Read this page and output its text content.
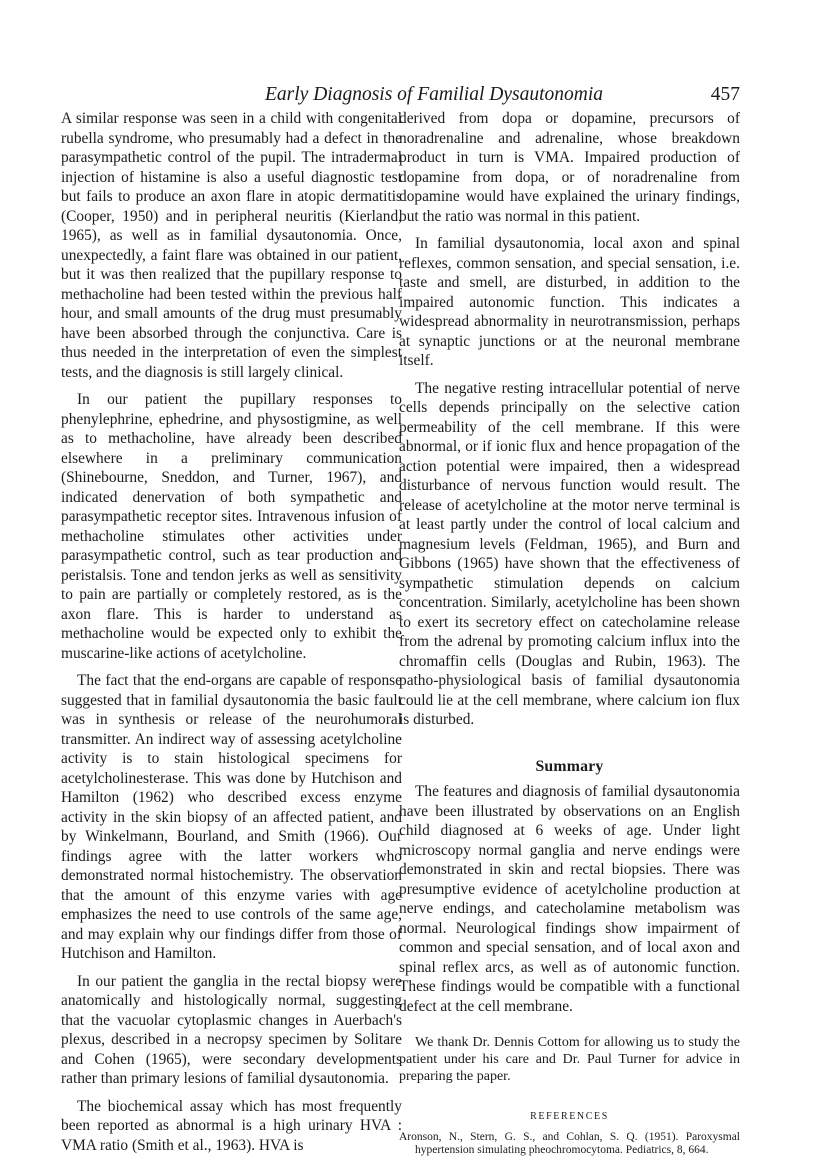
Early Diagnosis of Familial Dysautonomia	457

A similar response was seen in a child with congenital rubella syndrome, who presumably had a defect in the parasympathetic control of the pupil. The intradermal injection of histamine is also a useful diagnostic test but fails to produce an axon flare in atopic dermatitis (Cooper, 1950) and in peripheral neuritis (Kierland, 1965), as well as in familial dysautonomia. Once, unexpectedly, a faint flare was obtained in our patient, but it was then realized that the pupillary response to methacholine had been tested within the previous half hour, and small amounts of the drug must presumably have been absorbed through the conjunctiva. Care is thus needed in the interpretation of even the simplest tests, and the diagnosis is still largely clinical.

In our patient the pupillary responses to phenylephrine, ephedrine, and physostigmine, as well as to methacholine, have already been described elsewhere in a preliminary communication (Shinebourne, Sneddon, and Turner, 1967), and indicated denervation of both sympathetic and parasympathetic receptor sites. Intravenous infusion of methacholine stimulates other activities under parasympathetic control, such as tear production and peristalsis. Tone and tendon jerks as well as sensitivity to pain are partially or completely restored, as is the axon flare. This is harder to understand as methacholine would be expected only to exhibit the muscarine-like actions of acetylcholine.

The fact that the end-organs are capable of response suggested that in familial dysautonomia the basic fault was in synthesis or release of the neurohumoral transmitter. An indirect way of assessing acetylcholine activity is to stain histological specimens for acetylcholinesterase. This was done by Hutchison and Hamilton (1962) who described excess enzyme activity in the skin biopsy of an affected patient, and by Winkelmann, Bourland, and Smith (1966). Our findings agree with the latter workers who demonstrated normal histochemistry. The observation that the amount of this enzyme varies with age emphasizes the need to use controls of the same age, and may explain why our findings differ from those of Hutchison and Hamilton.

In our patient the ganglia in the rectal biopsy were anatomically and histologically normal, suggesting that the vacuolar cytoplasmic changes in Auerbach's plexus, described in a necropsy specimen by Solitare and Cohen (1965), were secondary developments rather than primary lesions of familial dysautonomia.

The biochemical assay which has most frequently been reported as abnormal is a high urinary HVA : VMA ratio (Smith et al., 1963). HVA is

derived from dopa or dopamine, precursors of noradrenaline and adrenaline, whose breakdown product in turn is VMA. Impaired production of dopamine from dopa, or of noradrenaline from dopamine would have explained the urinary findings, but the ratio was normal in this patient.

In familial dysautonomia, local axon and spinal reflexes, common sensation, and special sensation, i.e. taste and smell, are disturbed, in addition to the impaired autonomic function. This indicates a widespread abnormality in neurotransmission, perhaps at synaptic junctions or at the neuronal membrane itself.

The negative resting intracellular potential of nerve cells depends principally on the selective cation permeability of the cell membrane. If this were abnormal, or if ionic flux and hence propagation of the action potential were impaired, then a widespread disturbance of nervous function would result. The release of acetylcholine at the motor nerve terminal is at least partly under the control of local calcium and magnesium levels (Feldman, 1965), and Burn and Gibbons (1965) have shown that the effectiveness of sympathetic stimulation depends on calcium concentration. Similarly, acetylcholine has been shown to exert its secretory effect on catecholamine release from the adrenal by promoting calcium influx into the chromaffin cells (Douglas and Rubin, 1963). The patho-physiological basis of familial dysautonomia could lie at the cell membrane, where calcium ion flux is disturbed.

Summary

The features and diagnosis of familial dysautonomia have been illustrated by observations on an English child diagnosed at 6 weeks of age. Under light microscopy normal ganglia and nerve endings were demonstrated in skin and rectal biopsies. There was presumptive evidence of acetylcholine production at nerve endings, and catecholamine metabolism was normal. Neurological findings show impairment of common and special sensation, and of local axon and spinal reflex arcs, as well as of autonomic function. These findings would be compatible with a functional defect at the cell membrane.

We thank Dr. Dennis Cottom for allowing us to study the patient under his care and Dr. Paul Turner for advice in preparing the paper.

REFERENCES
Aronson, N., Stern, G. S., and Cohlan, S. Q. (1951). Paroxysmal hypertension simulating pheochromocytoma. Pediatrics, 8, 664.
